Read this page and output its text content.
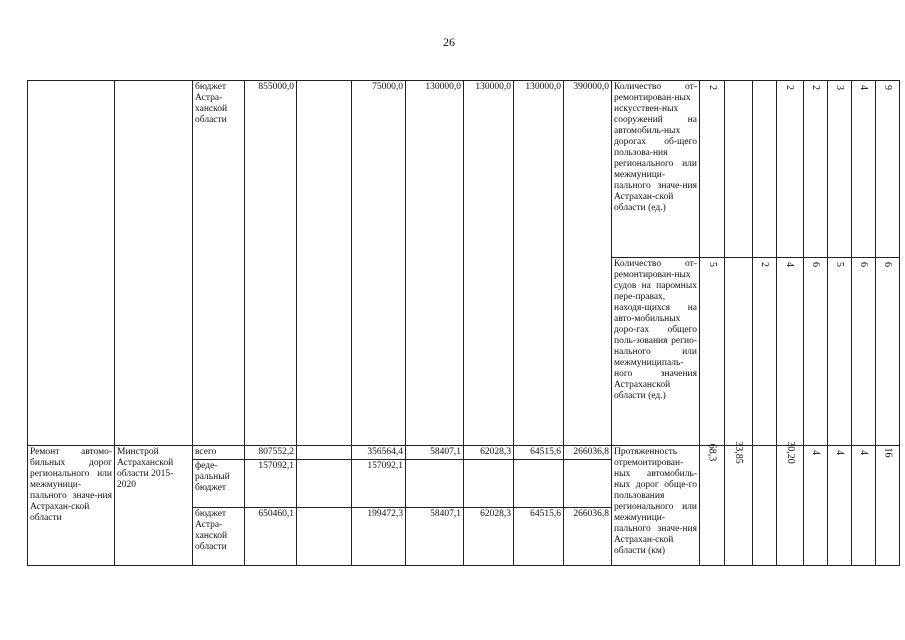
26
		бюджет Астра-ханской области	855000,0		75000,0	130000,0	130000,0	130000,0	390000,0	Количество от-ремонтирован-ных искусствен-ных сооружений на автомобиль-ных дорогах об-щего пользова-ния регионального или межмуници-пального значе-ния Астрахан-ской области (ед.)	2			2	2	3	4	9
										Количество от-ремонтирован-ных судов на паромных пере-правах, находя-щихся на авто-мобильных доро-гах общего поль-зования регио-нального или межмуниципаль-ного значения Астраханской области (ед.)	5		2	4	6	5	6	6
Ремонт автомо-бильных дорог регионального или межмуници-пального значе-ния Астрахан-ской области	Минстрой Астраханской области 2015-2020	всего	807552,2		356564,4	58407,1	62028,3	64515,6	266036,8	Протяженность отремонтирован-ных автомобиль-ных дорог обще-го пользования регионального или межмуници-пального значе-ния Астрахан-ской области (км)	68,3	33,85		30,20	4	4	4	16
		феде-ральный бюджет	157092,1		157092,1													
		бюджет Астра-ханской области	650460,1		199472,3	58407,1	62028,3	64515,6	266036,8									
